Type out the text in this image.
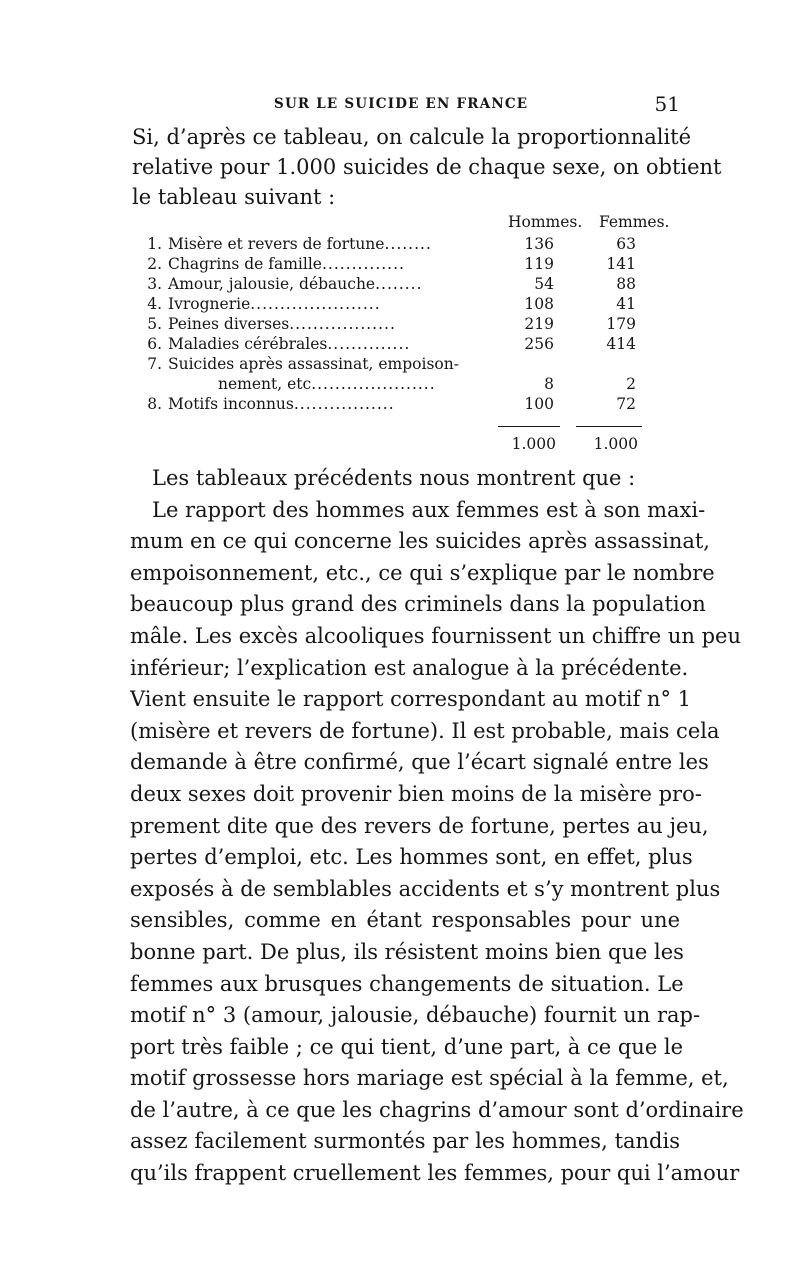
SUR LE SUICIDE EN FRANCE	51

Si, d’après ce tableau, on calcule la proportionnalité
relative pour 1.000 suicides de chaque sexe, on obtient
le tableau suivant :

Hommes. Femmes.
1. Misère et revers de fortune........	136	63
2. Chagrins de famille..............	119	141
3. Amour, jalousie, débauche........	54	88
4. Ivrognerie......................	108	41
5. Peines diverses..................	219	179
6. Maladies cérébrales..............	256	414
7. Suicides après assassinat, empoison-
nement, etc.....................	8	2
8. Motifs inconnus.................	100	72
1.000	1.000

Les tableaux précédents nous montrent que :
Le rapport des hommes aux femmes est à son maxi-
mum en ce qui concerne les suicides après assassinat,
empoisonnement, etc., ce qui s’explique par le nombre
beaucoup plus grand des criminels dans la population
mâle. Les excès alcooliques fournissent un chiffre un peu
inférieur; l’explication est analogue à la précédente.
Vient ensuite le rapport correspondant au motif n° 1
(misère et revers de fortune). Il est probable, mais cela
demande à être confirmé, que l’écart signalé entre les
deux sexes doit provenir bien moins de la misère pro-
prement dite que des revers de fortune, pertes au jeu,
pertes d’emploi, etc. Les hommes sont, en effet, plus
exposés à de semblables accidents et s’y montrent plus
sensibles, comme en étant responsables pour une
bonne part. De plus, ils résistent moins bien que les
femmes aux brusques changements de situation. Le
motif n° 3 (amour, jalousie, débauche) fournit un rap-
port très faible ; ce qui tient, d’une part, à ce que le
motif grossesse hors mariage est spécial à la femme, et,
de l’autre, à ce que les chagrins d’amour sont d’ordinaire
assez facilement surmontés par les hommes, tandis
qu’ils frappent cruellement les femmes, pour qui l’amour
